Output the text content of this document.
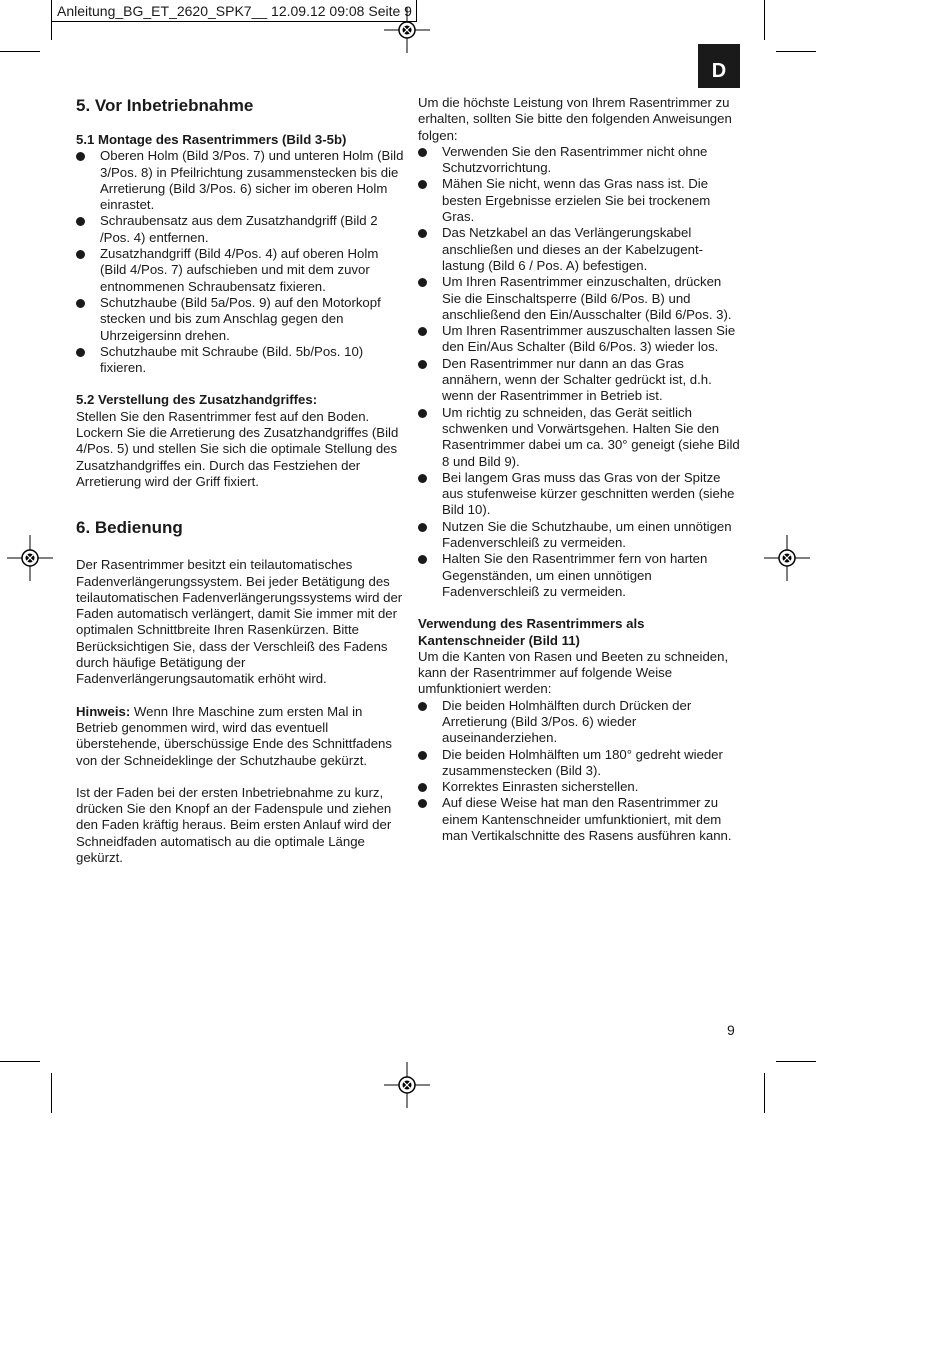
Anleitung_BG_ET_2620_SPK7__ 12.09.12 09:08 Seite 9
D
5. Vor Inbetriebnahme
5.1 Montage des Rasentrimmers (Bild 3-5b)
Oberen Holm (Bild 3/Pos. 7) und unteren Holm (Bild 3/Pos. 8) in Pfeilrichtung zusammenstecken bis die Arretierung (Bild 3/Pos. 6) sicher im oberen Holm einrastet.
Schraubensatz aus dem Zusatzhandgriff (Bild 2 /Pos. 4) entfernen.
Zusatzhandgriff (Bild 4/Pos. 4) auf oberen Holm (Bild 4/Pos. 7) aufschieben und mit dem zuvor entnommenen Schraubensatz fixieren.
Schutzhaube (Bild 5a/Pos. 9) auf den Motorkopf stecken und bis zum Anschlag gegen den Uhrzeigersinn drehen.
Schutzhaube mit Schraube (Bild. 5b/Pos. 10) fixieren.
5.2 Verstellung des Zusatzhandgriffes:

Stellen Sie den Rasentrimmer fest auf den Boden. Lockern Sie die Arretierung des Zusatzhandgriffes (Bild 4/Pos. 5) und stellen Sie sich die optimale Stellung des Zusatzhandgriffes ein. Durch das Festziehen der Arretierung wird der Griff fixiert.

6. Bedienung

Der Rasentrimmer besitzt ein teilautomatisches Fadenverlängerungssystem. Bei jeder Betätigung des teilautomatischen Fadenverlängerungssystems wird der Faden automatisch verlängert, damit Sie immer mit der optimalen Schnittbreite Ihren Rasenkürzen. Bitte Berücksichtigen Sie, dass der Verschleiß des Fadens durch häufige Betätigung der Fadenverlängerungsautomatik erhöht wird.

Hinweis: Wenn Ihre Maschine zum ersten Mal in Betrieb genommen wird, wird das eventuell überstehende, überschüssige Ende des Schnittfadens von der Schneideklinge der Schutzhaube gekürzt.

Ist der Faden bei der ersten Inbetriebnahme zu kurz, drücken Sie den Knopf an der Fadenspule und ziehen den Faden kräftig heraus. Beim ersten Anlauf wird der Schneidfaden automatisch au die optimale Länge gekürzt.

Um die höchste Leistung von Ihrem Rasentrimmer zu erhalten, sollten Sie bitte den folgenden Anweisungen folgen:

Verwenden Sie den Rasentrimmer nicht ohne Schutzvorrichtung.
Mähen Sie nicht, wenn das Gras nass ist. Die besten Ergebnisse erzielen Sie bei trockenem Gras.
Das Netzkabel an das Verlängerungskabel anschließen und dieses an der Kabelzugent- lastung (Bild 6 / Pos. A) befestigen.
Um Ihren Rasentrimmer einzuschalten, drücken Sie die Einschaltsperre (Bild 6/Pos. B) und anschließend den Ein/Ausschalter (Bild 6/Pos. 3).
Um Ihren Rasentrimmer auszuschalten lassen Sie den Ein/Aus Schalter (Bild 6/Pos. 3) wieder los.
Den Rasentrimmer nur dann an das Gras annähern, wenn der Schalter gedrückt ist, d.h. wenn der Rasentrimmer in Betrieb ist.
Um richtig zu schneiden, das Gerät seitlich schwenken und Vorwärtsgehen. Halten Sie den Rasentrimmer dabei um ca. 30° geneigt (siehe Bild 8 und Bild 9).
Bei langem Gras muss das Gras von der Spitze aus stufenweise kürzer geschnitten werden (siehe Bild 10).
Nutzen Sie die Schutzhaube, um einen unnötigen Fadenverschleiß zu vermeiden.
Halten Sie den Rasentrimmer fern von harten Gegenständen, um einen unnötigen Fadenverschleiß zu vermeiden.
Verwendung des Rasentrimmers als Kantenschneider (Bild 11)

Um die Kanten von Rasen und Beeten zu schneiden, kann der Rasentrimmer auf folgende Weise umfunktioniert werden:

Die beiden Holmhälften durch Drücken der Arretierung (Bild 3/Pos. 6) wieder auseinanderziehen.
Die beiden Holmhälften um 180° gedreht wieder zusammenstecken (Bild 3).
Korrektes Einrasten sicherstellen.
Auf diese Weise hat man den Rasentrimmer zu einem Kantenschneider umfunktioniert, mit dem man Vertikalschnitte des Rasens ausführen kann.
9
